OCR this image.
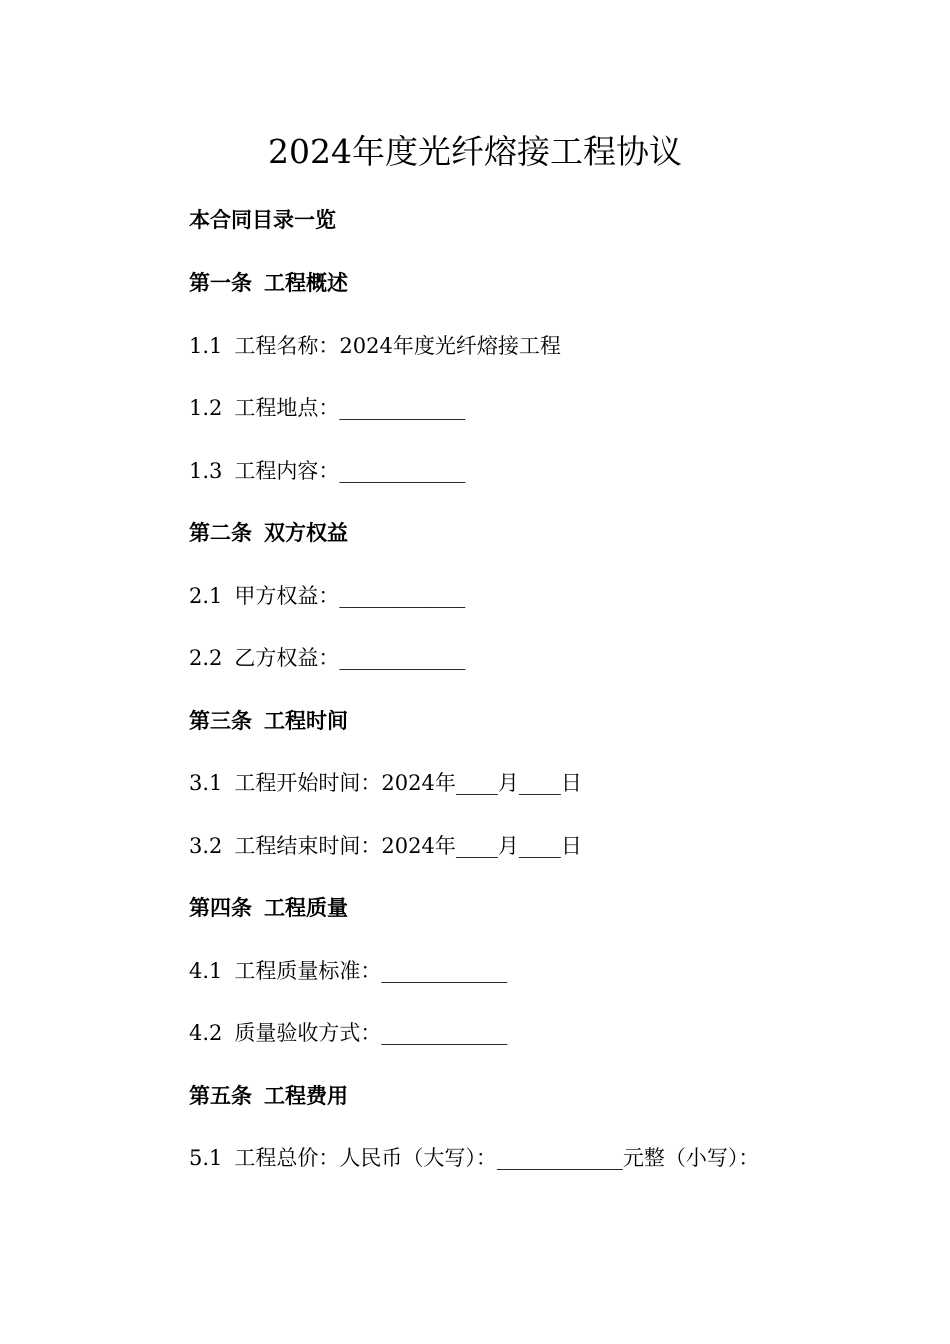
2024年度光纤熔接工程协议
本合同目录一览
第一条 工程概述
1.1 工程名称：2024年度光纤熔接工程
1.2 工程地点：____________
1.3 工程内容：____________
第二条 双方权益
2.1 甲方权益：____________
2.2 乙方权益：____________
第三条 工程时间
3.1 工程开始时间：2024年____月____日
3.2 工程结束时间：2024年____月____日
第四条 工程质量
4.1 工程质量标准：____________
4.2 质量验收方式：____________
第五条 工程费用
5.1 工程总价：人民币（大写）：____________元整（小写）：
